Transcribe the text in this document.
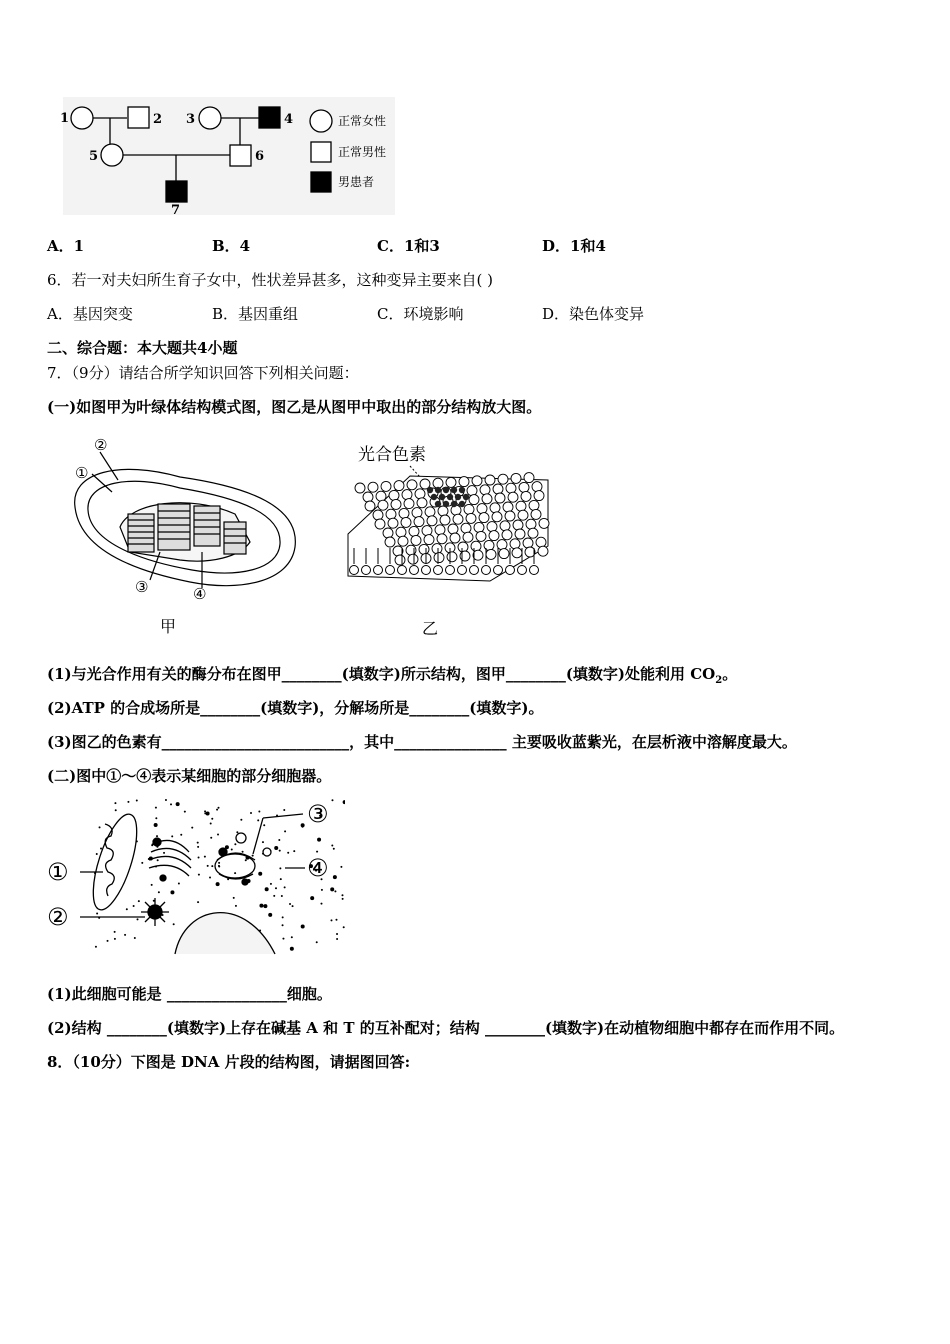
1	2 3	4
5	6
7
正常女性
正常男性
男患者
A．1	B．4	C．1和3	D．1和4
6．若一对夫妇所生育子女中，性状差异甚多，这种变异主要来自( )
A．基因突变	B．基因重组	C．环境影响	D．染色体变异
二、综合题：本大题共4小题
7．（9分）请结合所学知识回答下列相关问题：
(一)如图甲为叶绿体结构模式图，图乙是从图甲中取出的部分结构放大图。
②
①
③	④
甲
光合色素
乙
(1)与光合作用有关的酶分布在图甲________(填数字)所示结构，图甲________(填数字)处能利用 $CO_2$。
(2)ATP 的合成场所是________(填数字)，分解场所是________(填数字)。
(3)图乙的色素有_________________________，其中_______________ 主要吸收蓝紫光，在层析液中溶解度最大。
(二)图中①～④表示某细胞的部分细胞器。
①
②
③
④
(1)此细胞可能是 ________________细胞。
(2)结构 ________(填数字)上存在碱基 A 和 T 的互补配对；结构 ________(填数字)在动植物细胞中都存在而作用不同。
8．（10分）下图是 DNA 片段的结构图，请据图回答:
